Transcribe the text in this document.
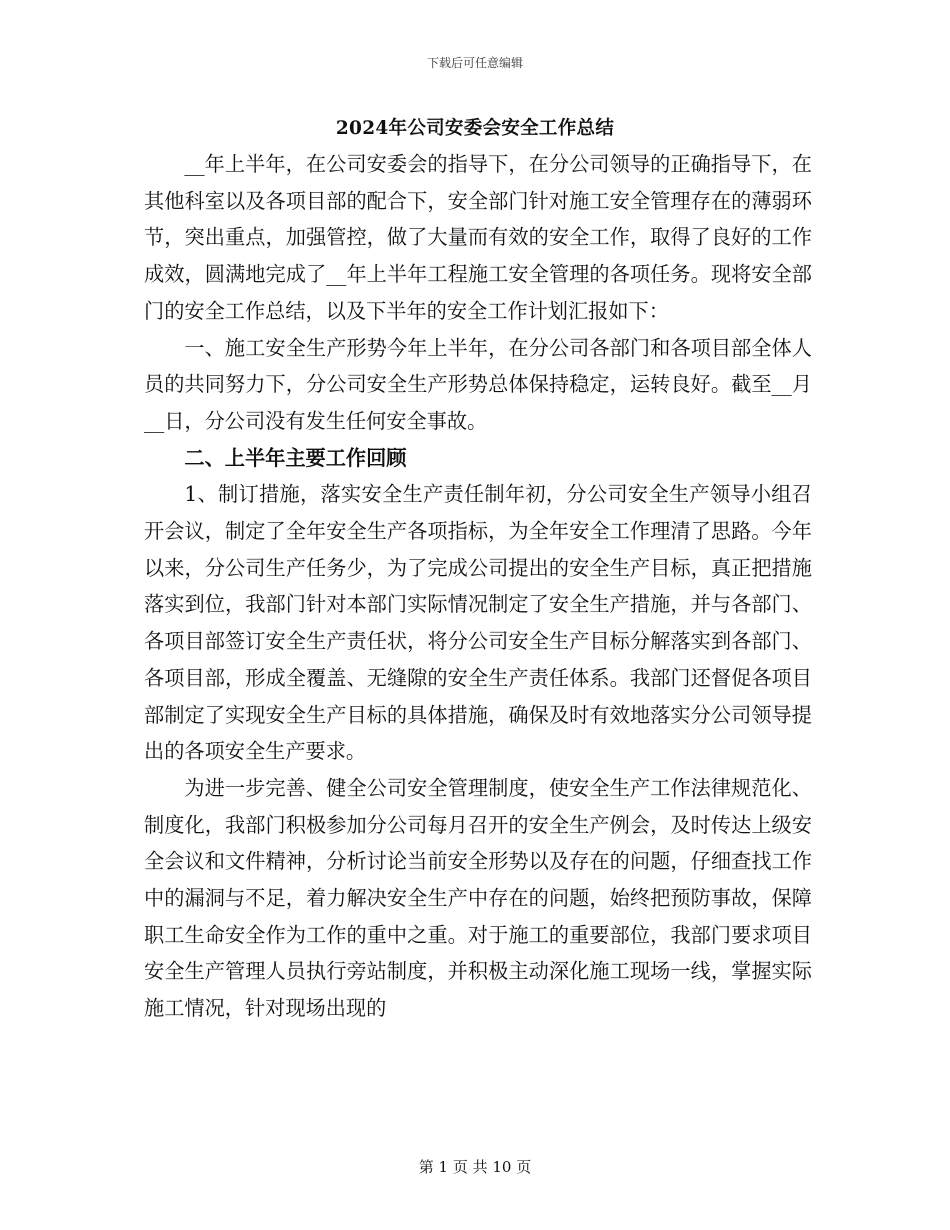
下载后可任意编辑
2024年公司安委会安全工作总结

__年上半年，在公司安委会的指导下，在分公司领导的正确指导下，在其他科室以及各项目部的配合下，安全部门针对施工安全管理存在的薄弱环节，突出重点，加强管控，做了大量而有效的安全工作，取得了良好的工作成效，圆满地完成了__年上半年工程施工安全管理的各项任务。现将安全部门的安全工作总结，以及下半年的安全工作计划汇报如下：

一、施工安全生产形势今年上半年，在分公司各部门和各项目部全体人员的共同努力下，分公司安全生产形势总体保持稳定，运转良好。截至__月__日，分公司没有发生任何安全事故。

二、上半年主要工作回顾

1、制订措施，落实安全生产责任制年初，分公司安全生产领导小组召开会议，制定了全年安全生产各项指标，为全年安全工作理清了思路。今年以来，分公司生产任务少，为了完成公司提出的安全生产目标，真正把措施落实到位，我部门针对本部门实际情况制定了安全生产措施，并与各部门、各项目部签订安全生产责任状，将分公司安全生产目标分解落实到各部门、各项目部，形成全覆盖、无缝隙的安全生产责任体系。我部门还督促各项目部制定了实现安全生产目标的具体措施，确保及时有效地落实分公司领导提出的各项安全生产要求。

为进一步完善、健全公司安全管理制度，使安全生产工作法律规范化、制度化，我部门积极参加分公司每月召开的安全生产例会，及时传达上级安全会议和文件精神，分析讨论当前安全形势以及存在的问题，仔细查找工作中的漏洞与不足，着力解决安全生产中存在的问题，始终把预防事故，保障职工生命安全作为工作的重中之重。对于施工的重要部位，我部门要求项目安全生产管理人员执行旁站制度，并积极主动深化施工现场一线，掌握实际施工情况，针对现场出现的

第 1 页 共 10 页
